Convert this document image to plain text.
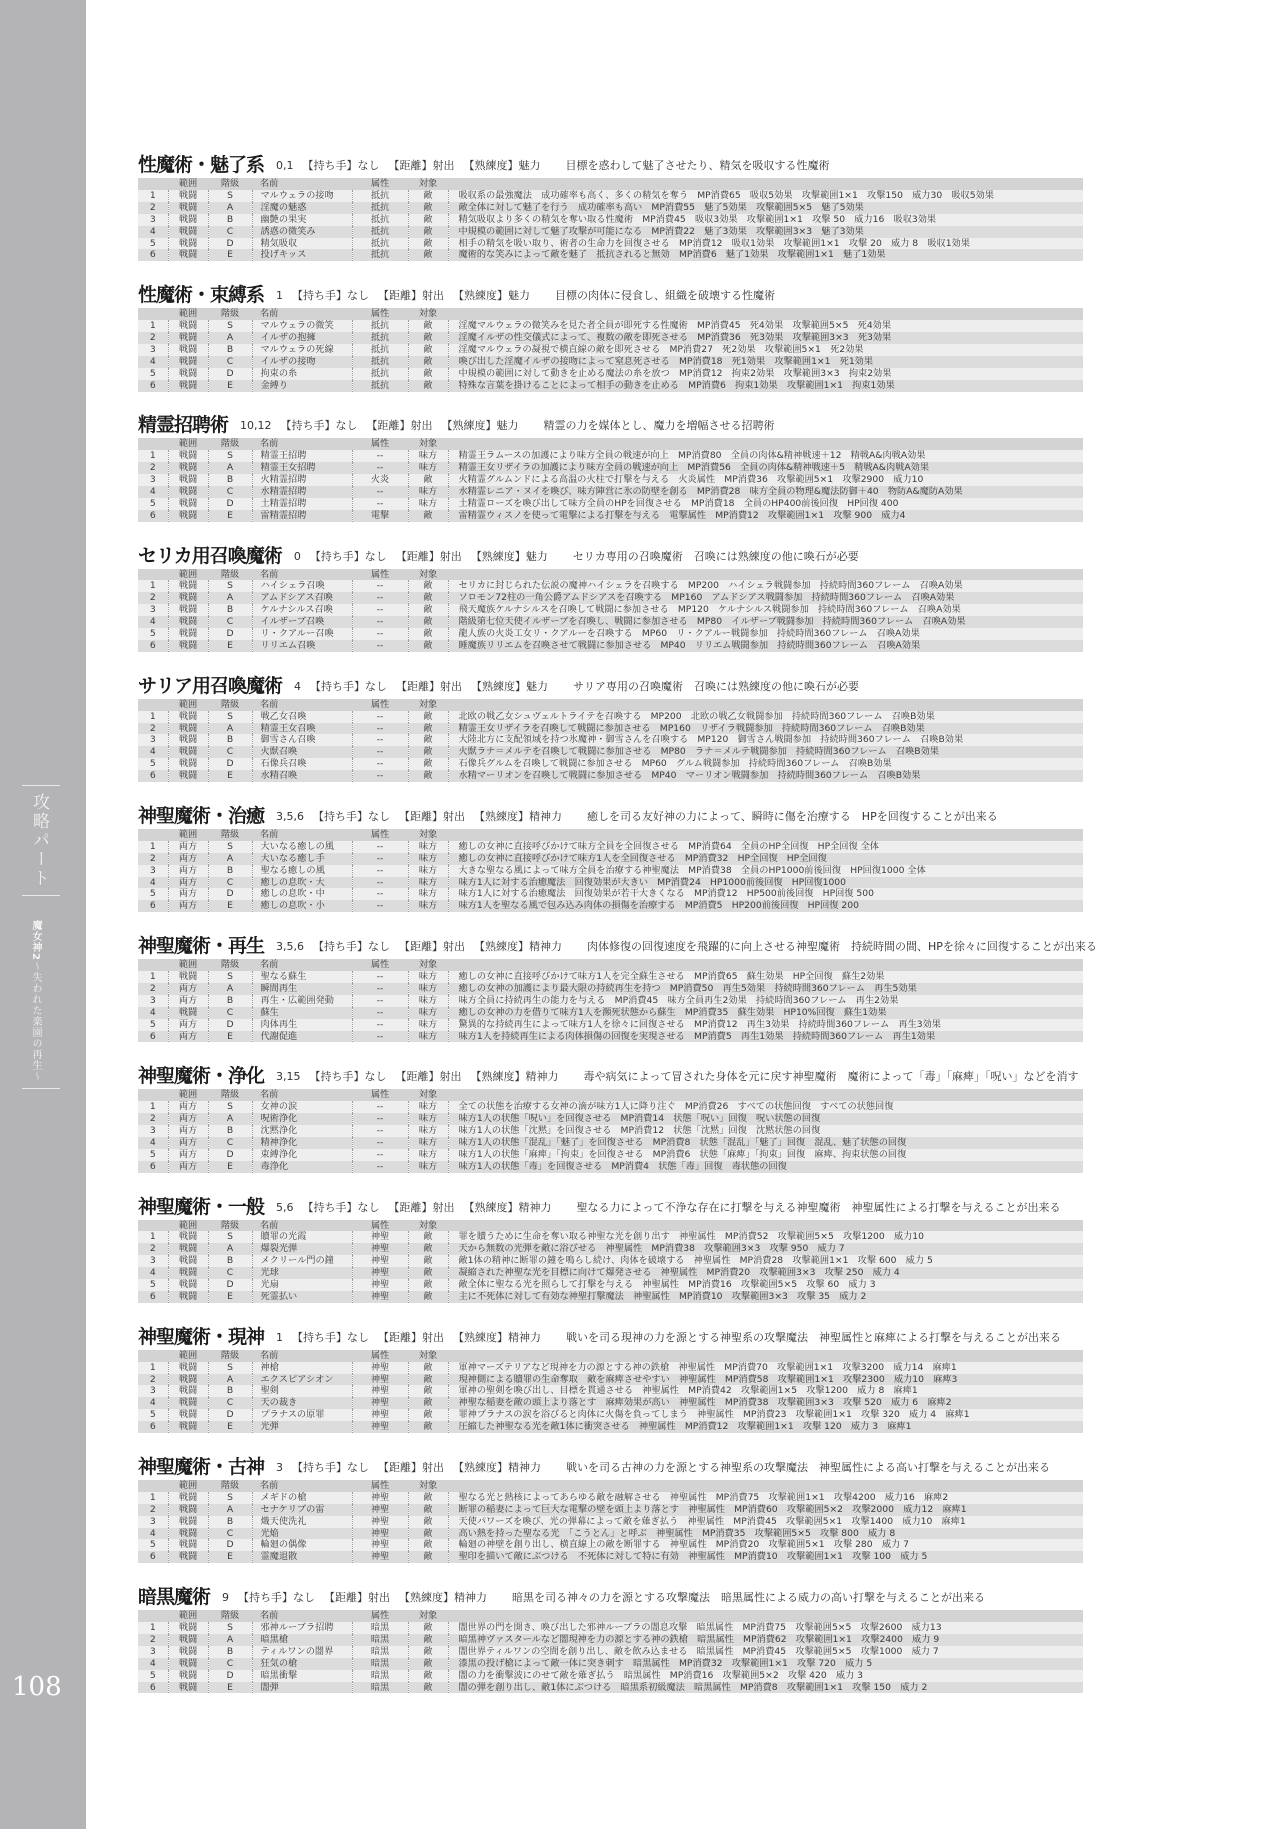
攻略パート
魔女神2〜失われた楽園の再生〜
108
性魔術・魅了系 0,1 【持ち手】なし 【距離】射出 【熟練度】魅力 目標を惑わして魅了させたり、精気を吸収する性魔術
	範囲	階級	名前	属性	対象	
1	戦闘	S	マルウェラの接吻	抵抗	敵	吸収系の最強魔法　成功確率も高く、多くの精気を奪う　MP消費65　吸収5効果　攻撃範囲1×1　攻撃150　威力30　吸収5効果
2	戦闘	A	淫魔の魅惑	抵抗	敵	敵全体に対して魅了を行う　成功確率も高い　MP消費55　魅了5効果　攻撃範囲5×5　魅了5効果
3	戦闘	B	幽艶の果実	抵抗	敵	精気吸収より多くの精気を奪い取る性魔術　MP消費45　吸収3効果　攻撃範囲1×1　攻撃 50　威力16　吸収3効果
4	戦闘	C	誘惑の微笑み	抵抗	敵	中規模の範囲に対して魅了攻撃が可能になる　MP消費22　魅了3効果　攻撃範囲3×3　魅了3効果
5	戦闘	D	精気吸収	抵抗	敵	相手の精気を吸い取り、術者の生命力を回復させる　MP消費12　吸収1効果　攻撃範囲1×1　攻撃 20　威力 8　吸収1効果
6	戦闘	E	投げキッス	抵抗	敵	魔術的な笑みによって敵を魅了　抵抗されると無効　MP消費6　魅了1効果　攻撃範囲1×1　魅了1効果
性魔術・束縛系 1 【持ち手】なし 【距離】射出 【熟練度】魅力 目標の肉体に侵食し、組織を破壊する性魔術
	範囲	階級	名前	属性	対象	
1	戦闘	S	マルウェラの微笑	抵抗	敵	淫魔マルウェラの微笑みを見た者全員が即死する性魔術　MP消費45　死4効果　攻撃範囲5×5　死4効果
2	戦闘	A	イルザの抱擁	抵抗	敵	淫魔イルザの性交儀式によって、複数の敵を即死させる　MP消費36　死3効果　攻撃範囲3×3　死3効果
3	戦闘	B	マルウェラの死線	抵抗	敵	淫魔マルウェラの凝視で横直線の敵を即死させる　MP消費27　死2効果　攻撃範囲5×1　死2効果
4	戦闘	C	イルザの接吻	抵抗	敵	喚び出した淫魔イルザの接吻によって窒息死させる　MP消費18　死1効果　攻撃範囲1×1　死1効果
5	戦闘	D	拘束の糸	抵抗	敵	中規模の範囲に対して動きを止める魔法の糸を放つ　MP消費12　拘束2効果　攻撃範囲3×3　拘束2効果
6	戦闘	E	金縛り	抵抗	敵	特殊な言葉を掛けることによって相手の動きを止める　MP消費6　拘束1効果　攻撃範囲1×1　拘束1効果
精霊招聘術 10,12 【持ち手】なし 【距離】射出 【熟練度】魅力 精霊の力を媒体とし、魔力を増幅させる招聘術
	範囲	階級	名前	属性	対象	
1	戦闘	S	精霊王招聘	--	味方	精霊王ラムースの加護により味方全員の戦速が向上　MP消費80　全員の肉体&精神戦速＋12　精戦A&肉戦A効果
2	戦闘	A	精霊王女招聘	--	味方	精霊王女リザイラの加護により味方全員の戦速が向上　MP消費56　全員の肉体&精神戦速＋5　精戦A&肉戦A効果
3	戦闘	B	火精霊招聘	火炎	敵	火精霊グルムンドによる高温の火柱で打撃を与える　火炎属性　MP消費36　攻撃範囲5×1　攻撃2900　威力10
4	戦闘	C	水精霊招聘	--	味方	水精霊レニア・ヌイを喚び、味方陣営に氷の防壁を創る　MP消費28　味方全員の物理&魔法防御＋40　物防A&魔防A効果
5	戦闘	D	土精霊招聘	--	味方	土精霊ローズを喚び出して味方全員のHPを回復させる　MP消費18　全員のHP400前後回復　HP回復 400
6	戦闘	E	雷精霊招聘	電撃	敵	雷精霊ウィスノを使って電撃による打撃を与える　電撃属性　MP消費12　攻撃範囲1×1　攻撃 900　威力4
セリカ用召喚魔術 0 【持ち手】なし 【距離】射出 【熟練度】魅力 セリカ専用の召喚魔術　召喚には熟練度の他に喚石が必要
	範囲	階級	名前	属性	対象	
1	戦闘	S	ハイシェラ召喚	--	敵	セリカに封じられた伝説の魔神ハイシェラを召喚する　MP200　ハイシェラ戦闘参加　持続時間360フレーム　召喚A効果
2	戦闘	A	アムドシアス召喚	--	敵	ソロモン72柱の一角公爵アムドシアスを召喚する　MP160　アムドシアス戦闘参加　持続時間360フレーム　召喚A効果
3	戦闘	B	ケルナシルス召喚	--	敵	飛天魔族ケルナシルスを召喚して戦闘に参加させる　MP120　ケルナシルス戦闘参加　持続時間360フレーム　召喚A効果
4	戦闘	C	イルザーブ召喚	--	敵	階級第七位天使イルザーブを召喚し、戦闘に参加させる　MP80　イルザーブ戦闘参加　持続時間360フレーム　召喚A効果
5	戦闘	D	リ・クアルー召喚	--	敵	龍人族の火炎工女リ・クアルーを召喚する　MP60　リ・クアルー戦闘参加　持続時間360フレーム　召喚A効果
6	戦闘	E	リリエム召喚	--	敵	睡魔族リリエムを召喚させて戦闘に参加させる　MP40　リリエム戦闘参加　持続時間360フレーム　召喚A効果
サリア用召喚魔術 4 【持ち手】なし 【距離】射出 【熟練度】魅力 サリア専用の召喚魔術　召喚には熟練度の他に喚石が必要
	範囲	階級	名前	属性	対象	
1	戦闘	S	戦乙女召喚	--	敵	北欧の戦乙女シュヴェルトライテを召喚する　MP200　北欧の戦乙女戦闘参加　持続時間360フレーム　召喚B効果
2	戦闘	A	精霊王女召喚	--	敵	精霊王女リザイラを召喚して戦闘に参加させる　MP160　リザイラ戦闘参加　持続時間360フレーム　召喚B効果
3	戦闘	B	御雪さん召喚	--	敵	大陸北方に支配領域を持つ氷魔神・御雪さんを召喚する　MP120　御雪さん戦闘参加　持続時間360フレーム　召喚B効果
4	戦闘	C	火獣召喚	--	敵	火獣ラナ＝メルテを召喚して戦闘に参加させる　MP80　ラナ＝メルテ戦闘参加　持続時間360フレーム　召喚B効果
5	戦闘	D	石像兵召喚	--	敵	石像兵グルムを召喚して戦闘に参加させる　MP60　グルム戦闘参加　持続時間360フレーム　召喚B効果
6	戦闘	E	水精召喚	--	敵	水精マーリオンを召喚して戦闘に参加させる　MP40　マーリオン戦闘参加　持続時間360フレーム　召喚B効果
神聖魔術・治癒 3,5,6 【持ち手】なし 【距離】射出 【熟練度】精神力 癒しを司る友好神の力によって、瞬時に傷を治療する　HPを回復することが出来る
	範囲	階級	名前	属性	対象	
1	両方	S	大いなる癒しの風	--	味方	癒しの女神に直接呼びかけて味方全員を全回復させる　MP消費64　全員のHP全回復　HP全回復 全体
2	両方	A	大いなる癒し手	--	味方	癒しの女神に直接呼びかけて味方1人を全回復させる　MP消費32　HP全回復　HP全回復
3	両方	B	聖なる癒しの風	--	味方	大きな聖なる風によって味方全員を治療する神聖魔法　MP消費38　全員のHP1000前後回復　HP回復1000 全体
4	両方	C	癒しの息吹・大	--	味方	味方1人に対する治癒魔法　回復効果が大きい　MP消費24　HP1000前後回復　HP回復1000
5	両方	D	癒しの息吹・中	--	味方	味方1人に対する治癒魔法　回復効果が若干大きくなる　MP消費12　HP500前後回復　HP回復 500
6	両方	E	癒しの息吹・小	--	味方	味方1人を聖なる風で包み込み肉体の損傷を治療する　MP消費5　HP200前後回復　HP回復 200
神聖魔術・再生 3,5,6 【持ち手】なし 【距離】射出 【熟練度】精神力 肉体修復の回復速度を飛躍的に向上させる神聖魔術　持続時間の間、HPを徐々に回復することが出来る
	範囲	階級	名前	属性	対象	
1	戦闘	S	聖なる蘇生	--	味方	癒しの女神に直接呼びかけて味方1人を完全蘇生させる　MP消費65　蘇生効果　HP全回復　蘇生2効果
2	両方	A	瞬間再生	--	味方	癒しの女神の加護により最大限の持続再生を持つ　MP消費50　再生5効果　持続時間360フレーム　再生5効果
3	両方	B	再生・広範囲発動	--	味方	味方全員に持続再生の能力を与える　MP消費45　味方全員再生2効果　持続時間360フレーム　再生2効果
4	戦闘	C	蘇生	--	味方	癒しの女神の力を借りて味方1人を瀕死状態から蘇生　MP消費35　蘇生効果　HP10%回復　蘇生1効果
5	両方	D	肉体再生	--	味方	驚異的な持続再生によって味方1人を徐々に回復させる　MP消費12　再生3効果　持続時間360フレーム　再生3効果
6	両方	E	代謝促進	--	味方	味方1人を持続再生による肉体損傷の回復を実現させる　MP消費5　再生1効果　持続時間360フレーム　再生1効果
神聖魔術・浄化 3,15 【持ち手】なし 【距離】射出 【熟練度】精神力 毒や病気によって冒された身体を元に戻す神聖魔術　魔術によって「毒」「麻痺」「呪い」などを消す
	範囲	階級	名前	属性	対象	
1	両方	S	女神の涙	--	味方	全ての状態を治療する女神の滴が味方1人に降り注ぐ　MP消費26　すべての状態回復　すべての状態回復
2	両方	A	呪術浄化	--	味方	味方1人の状態「呪い」を回復させる　MP消費14　状態「呪い」回復　呪い状態の回復
3	両方	B	沈黙浄化	--	味方	味方1人の状態「沈黙」を回復させる　MP消費12　状態「沈黙」回復　沈黙状態の回復
4	両方	C	精神浄化	--	味方	味方1人の状態「混乱」「魅了」を回復させる　MP消費8　状態「混乱」「魅了」回復　混乱、魅了状態の回復
5	両方	D	束縛浄化	--	味方	味方1人の状態「麻痺」「拘束」を回復させる　MP消費6　状態「麻痺」「拘束」回復　麻痺、拘束状態の回復
6	両方	E	毒浄化	--	味方	味方1人の状態「毒」を回復させる　MP消費4　状態「毒」回復　毒状態の回復
神聖魔術・一般 5,6 【持ち手】なし 【距離】射出 【熟練度】精神力 聖なる力によって不浄な存在に打撃を与える神聖魔術　神聖属性による打撃を与えることが出来る
	範囲	階級	名前	属性	対象	
1	戦闘	S	贖罪の光霞	神聖	敵	罪を贖うために生命を奪い取る神聖な光を創り出す　神聖属性　MP消費52　攻撃範囲5×5　攻撃1200　威力10
2	戦闘	A	爆裂光弾	神聖	敵	天から無数の光弾を敵に浴びせる　神聖属性　MP消費38　攻撃範囲3×3　攻撃 950　威力 7
3	戦闘	B	メクリール門の鐘	神聖	敵	敵1体の精神に断罪の鐘を鳴らし続け、肉体を破壊する　神聖属性　MP消費28　攻撃範囲1×1　攻撃 600　威力 5
4	戦闘	C	光球	神聖	敵	凝縮された神聖な光を目標に向けて爆発させる　神聖属性　MP消費20　攻撃範囲3×3　攻撃 250　威力 4
5	戦闘	D	光扇	神聖	敵	敵全体に聖なる光を照らして打撃を与える　神聖属性　MP消費16　攻撃範囲5×5　攻撃 60　威力 3
6	戦闘	E	死霊払い	神聖	敵	主に不死体に対して有効な神聖打撃魔法　神聖属性　MP消費10　攻撃範囲3×3　攻撃 35　威力 2
神聖魔術・現神 1 【持ち手】なし 【距離】射出 【熟練度】精神力 戦いを司る現神の力を源とする神聖系の攻撃魔法　神聖属性と麻痺による打撃を与えることが出来る
	範囲	階級	名前	属性	対象	
1	戦闘	S	神槍	神聖	敵	軍神マーズテリアなど現神を力の源とする神の鉄槍　神聖属性　MP消費70　攻撃範囲1×1　攻撃3200　威力14　麻痺1
2	戦闘	A	エクスピアシオン	神聖	敵	現神側による贖罪の生命奪取　敵を麻痺させやすい　神聖属性　MP消費58　攻撃範囲1×1　攻撃2300　威力10　麻痺3
3	戦闘	B	聖剣	神聖	敵	軍神の聖剣を喚び出し、目標を貫通させる　神聖属性　MP消費42　攻撃範囲1×5　攻撃1200　威力 8　麻痺1
4	戦闘	C	天の裁き	神聖	敵	神聖な稲妻を敵の頭上より落とす　麻痺効果が高い　神聖属性　MP消費38　攻撃範囲3×3　攻撃 520　威力 6　麻痺2
5	戦闘	D	プラナスの原罪	神聖	敵	罪神プラナスの涙を浴びると肉体に火傷を負ってしまう　神聖属性　MP消費23　攻撃範囲1×1　攻撃 320　威力 4　麻痺1
6	戦闘	E	光弾	神聖	敵	圧縮した神聖なる光を敵1体に衝突させる　神聖属性　MP消費12　攻撃範囲1×1　攻撃 120　威力 3　麻痺1
神聖魔術・古神 3 【持ち手】なし 【距離】射出 【熟練度】精神力 戦いを司る古神の力を源とする神聖系の攻撃魔法　神聖属性による高い打撃を与えることが出来る
	範囲	階級	名前	属性	対象	
1	戦闘	S	メギドの槍	神聖	敵	聖なる光と熱核によってあらゆる敵を融解させる　神聖属性　MP消費75　攻撃範囲1×1　攻撃4200　威力16　麻痺2
2	戦闘	A	セナケリブの雷	神聖	敵	断罪の稲妻によって巨大な電撃の壁を頭上より落とす　神聖属性　MP消費60　攻撃範囲5×2　攻撃2000　威力12　麻痺1
3	戦闘	B	熾天使洗礼	神聖	敵	天使パワーズを喚び、光の弾幕によって敵を薙ぎ払う　神聖属性　MP消費45　攻撃範囲5×1　攻撃1400　威力10　麻痺1
4	戦闘	C	光焔	神聖	敵	高い熱を持った聖なる光　「こうとん」と呼ぶ　神聖属性　MP消費35　攻撃範囲5×5　攻撃 800　威力 8
5	戦闘	D	輪廻の偶像	神聖	敵	輪廻の神壁を創り出し、横直線上の敵を断罪する　神聖属性　MP消費20　攻撃範囲5×1　攻撃 280　威力 7
6	戦闘	E	霊魔退散	神聖	敵	聖印を描いて敵にぶつける　不死体に対して特に有効　神聖属性　MP消費10　攻撃範囲1×1　攻撃 100　威力 5
暗黒魔術 9 【持ち手】なし 【距離】射出 【熟練度】精神力 暗黒を司る神々の力を源とする攻撃魔法　暗黒属性による威力の高い打撃を与えることが出来る
	範囲	階級	名前	属性	対象	
1	戦闘	S	邪神ルーブラ招聘	暗黒	敵	闇世界の門を開き、喚び出した邪神ルーブラの闇息攻撃　暗黒属性　MP消費75　攻撃範囲5×5　攻撃2600　威力13
2	戦闘	A	暗黒槍	暗黒	敵	暗黒神ヴァスタールなど闇現神を力の源とする神の鉄槍　暗黒属性　MP消費62　攻撃範囲1×1　攻撃2400　威力 9
3	戦闘	B	ティルワンの闇界	暗黒	敵	闇世界ティルワンの空間を創り出し、敵を飲み込ませる　暗黒属性　MP消費45　攻撃範囲5×5　攻撃1000　威力 7
4	戦闘	C	狂気の槍	暗黒	敵	漆黒の投げ槍によって敵一体に突き刺す　暗黒属性　MP消費32　攻撃範囲1×1　攻撃 720　威力 5
5	戦闘	D	暗黒衝撃	暗黒	敵	闇の力を衝撃波にのせて敵を薙ぎ払う　暗黒属性　MP消費16　攻撃範囲5×2　攻撃 420　威力 3
6	戦闘	E	闇弾	暗黒	敵	闇の弾を創り出し、敵1体にぶつける　暗黒系初級魔法　暗黒属性　MP消費8　攻撃範囲1×1　攻撃 150　威力 2
